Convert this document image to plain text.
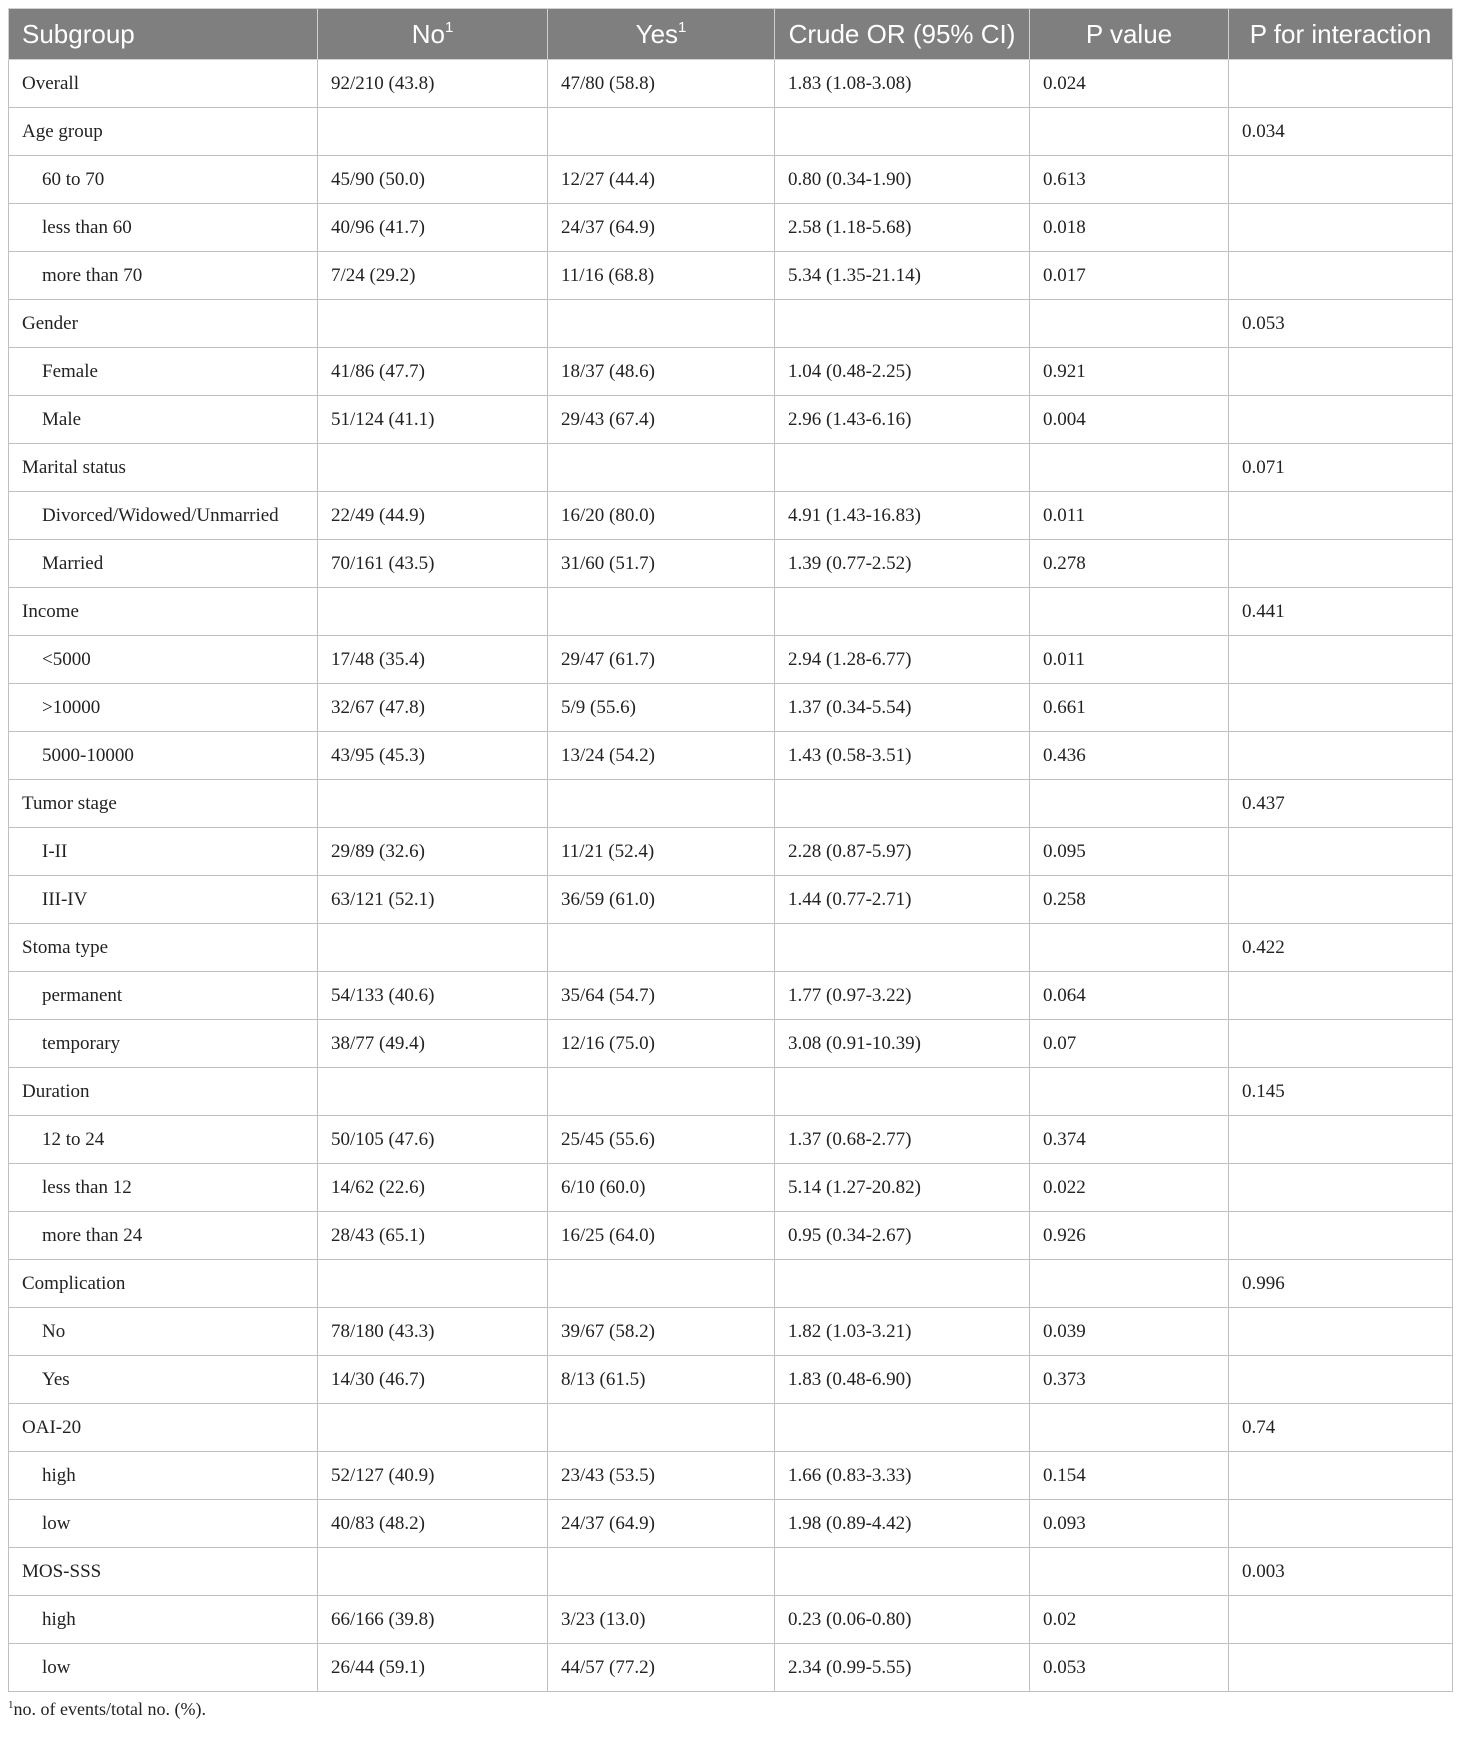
Subgroup	No$^1$	Yes$^1$	Crude OR (95% CI)	P value	P for interaction
Overall	92/210 (43.8)	47/80 (58.8)	1.83 (1.08-3.08)	0.024	
Age group					0.034
60 to 70	45/90 (50.0)	12/27 (44.4)	0.80 (0.34-1.90)	0.613	
less than 60	40/96 (41.7)	24/37 (64.9)	2.58 (1.18-5.68)	0.018	
more than 70	7/24 (29.2)	11/16 (68.8)	5.34 (1.35-21.14)	0.017	
Gender					0.053
Female	41/86 (47.7)	18/37 (48.6)	1.04 (0.48-2.25)	0.921	
Male	51/124 (41.1)	29/43 (67.4)	2.96 (1.43-6.16)	0.004	
Marital status					0.071
Divorced/Widowed/Unmarried	22/49 (44.9)	16/20 (80.0)	4.91 (1.43-16.83)	0.011	
Married	70/161 (43.5)	31/60 (51.7)	1.39 (0.77-2.52)	0.278	
Income					0.441
<5000	17/48 (35.4)	29/47 (61.7)	2.94 (1.28-6.77)	0.011	
>10000	32/67 (47.8)	5/9 (55.6)	1.37 (0.34-5.54)	0.661	
5000-10000	43/95 (45.3)	13/24 (54.2)	1.43 (0.58-3.51)	0.436	
Tumor stage					0.437
I-II	29/89 (32.6)	11/21 (52.4)	2.28 (0.87-5.97)	0.095	
III-IV	63/121 (52.1)	36/59 (61.0)	1.44 (0.77-2.71)	0.258	
Stoma type					0.422
permanent	54/133 (40.6)	35/64 (54.7)	1.77 (0.97-3.22)	0.064	
temporary	38/77 (49.4)	12/16 (75.0)	3.08 (0.91-10.39)	0.07	
Duration					0.145
12 to 24	50/105 (47.6)	25/45 (55.6)	1.37 (0.68-2.77)	0.374	
less than 12	14/62 (22.6)	6/10 (60.0)	5.14 (1.27-20.82)	0.022	
more than 24	28/43 (65.1)	16/25 (64.0)	0.95 (0.34-2.67)	0.926	
Complication					0.996
No	78/180 (43.3)	39/67 (58.2)	1.82 (1.03-3.21)	0.039	
Yes	14/30 (46.7)	8/13 (61.5)	1.83 (0.48-6.90)	0.373	
OAI-20					0.74
high	52/127 (40.9)	23/43 (53.5)	1.66 (0.83-3.33)	0.154	
low	40/83 (48.2)	24/37 (64.9)	1.98 (0.89-4.42)	0.093	
MOS-SSS					0.003
high	66/166 (39.8)	3/23 (13.0)	0.23 (0.06-0.80)	0.02	
low	26/44 (59.1)	44/57 (77.2)	2.34 (0.99-5.55)	0.053	
$^1$no. of events/total no. (%).
